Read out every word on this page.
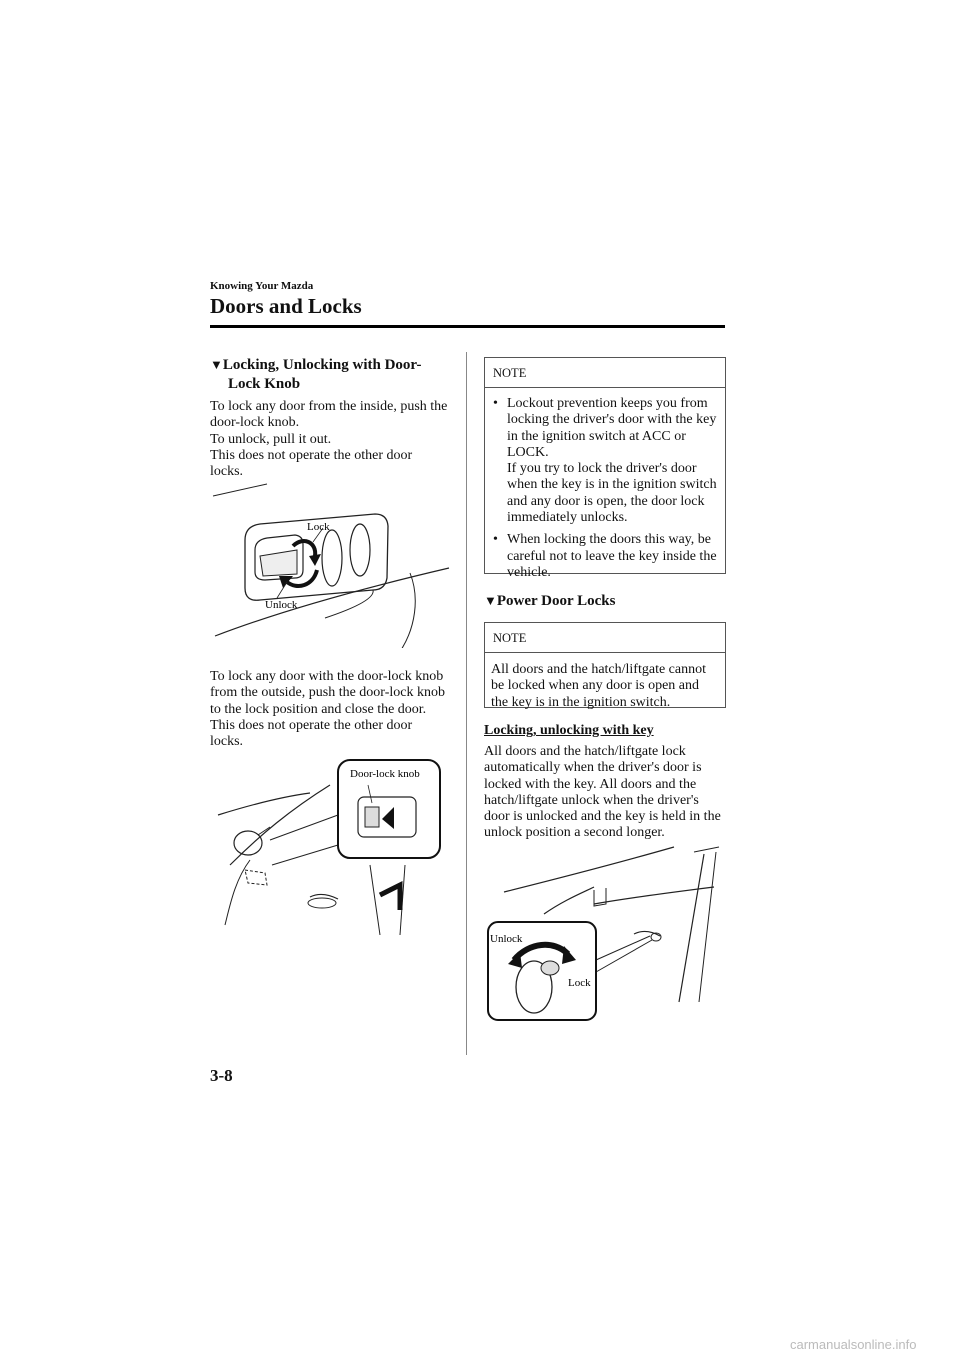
Knowing Your Mazda
Doors and Locks
▼Locking, Unlocking with Door-
Lock Knob
To lock any door from the inside, push the
door-lock knob.
To unlock, pull it out.
This does not operate the other door
locks.
Lock
Unlock
To lock any door with the door-lock knob
from the outside, push the door-lock knob
to the lock position and close the door.
This does not operate the other door
locks.
Door-lock knob
NOTE
• Lockout prevention keeps you from
locking the driver's door with the key
in the ignition switch at ACC or
LOCK.
If you try to lock the driver's door
when the key is in the ignition switch
and any door is open, the door lock
immediately unlocks.
• When locking the doors this way, be
careful not to leave the key inside the
vehicle.
▼Power Door Locks
NOTE
All doors and the hatch/liftgate cannot
be locked when any door is open and
the key is in the ignition switch.
Locking, unlocking with key
All doors and the hatch/liftgate lock
automatically when the driver's door is
locked with the key. All doors and the
hatch/liftgate unlock when the driver's
door is unlocked and the key is held in the
unlock position a second longer.
Unlock
Lock
3-8
carmanualsonline.info
